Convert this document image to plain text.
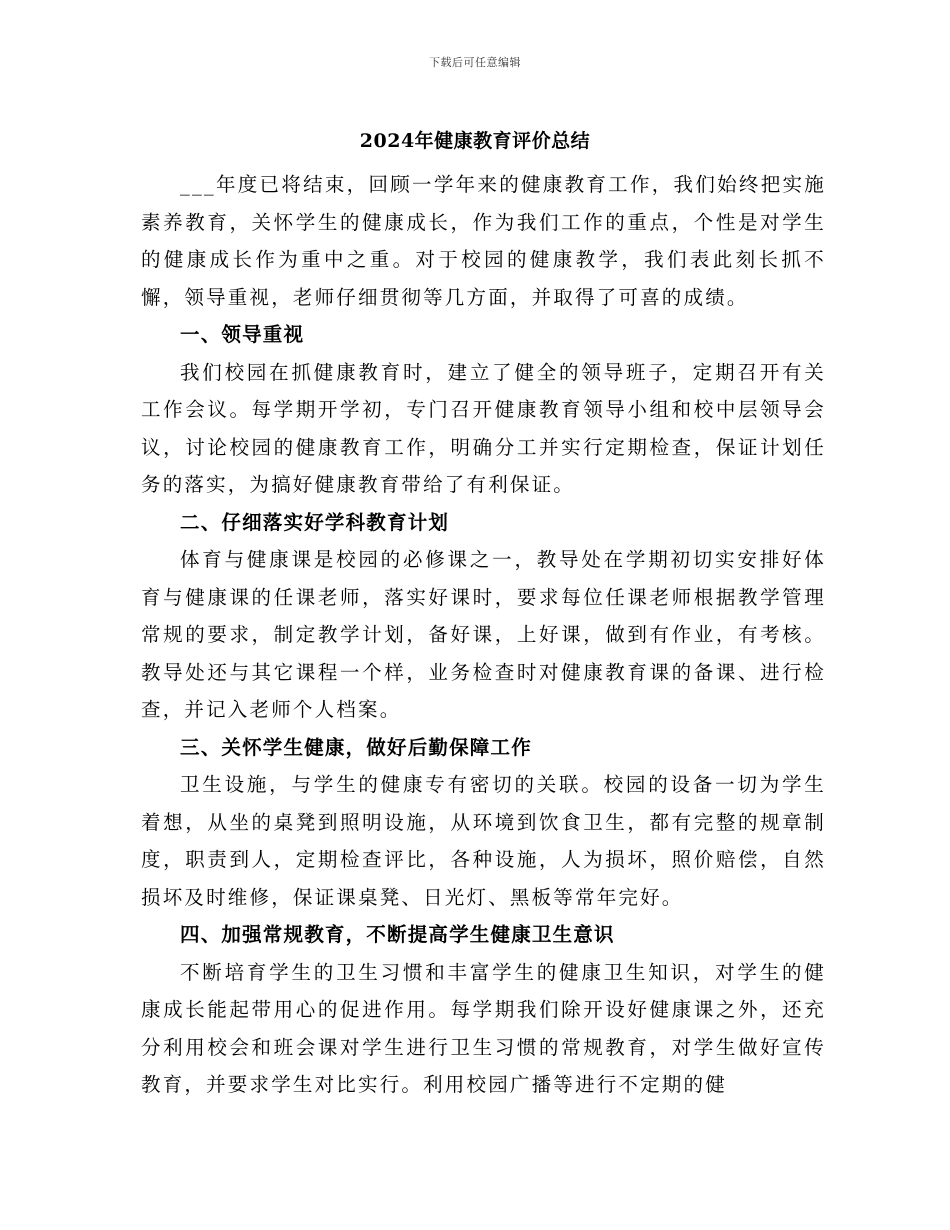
下载后可任意编辑
2024年健康教育评价总结

___年度已将结束，回顾一学年来的健康教育工作，我们始终把实施素养教育，关怀学生的健康成长，作为我们工作的重点，个性是对学生的健康成长作为重中之重。对于校园的健康教学，我们表此刻长抓不懈，领导重视，老师仔细贯彻等几方面，并取得了可喜的成绩。

一、领导重视

我们校园在抓健康教育时，建立了健全的领导班子，定期召开有关工作会议。每学期开学初，专门召开健康教育领导小组和校中层领导会议，讨论校园的健康教育工作，明确分工并实行定期检查，保证计划任务的落实，为搞好健康教育带给了有利保证。

二、仔细落实好学科教育计划

体育与健康课是校园的必修课之一，教导处在学期初切实安排好体育与健康课的任课老师，落实好课时，要求每位任课老师根据教学管理常规的要求，制定教学计划，备好课，上好课，做到有作业，有考核。教导处还与其它课程一个样，业务检查时对健康教育课的备课、进行检查，并记入老师个人档案。

三、关怀学生健康，做好后勤保障工作

卫生设施，与学生的健康专有密切的关联。校园的设备一切为学生着想，从坐的桌凳到照明设施，从环境到饮食卫生，都有完整的规章制度，职责到人，定期检查评比，各种设施，人为损坏，照价赔偿，自然损坏及时维修，保证课桌凳、日光灯、黑板等常年完好。

四、加强常规教育，不断提高学生健康卫生意识

不断培育学生的卫生习惯和丰富学生的健康卫生知识，对学生的健康成长能起带用心的促进作用。每学期我们除开设好健康课之外，还充分利用校会和班会课对学生进行卫生习惯的常规教育，对学生做好宣传教育，并要求学生对比实行。利用校园广播等进行不定期的健
